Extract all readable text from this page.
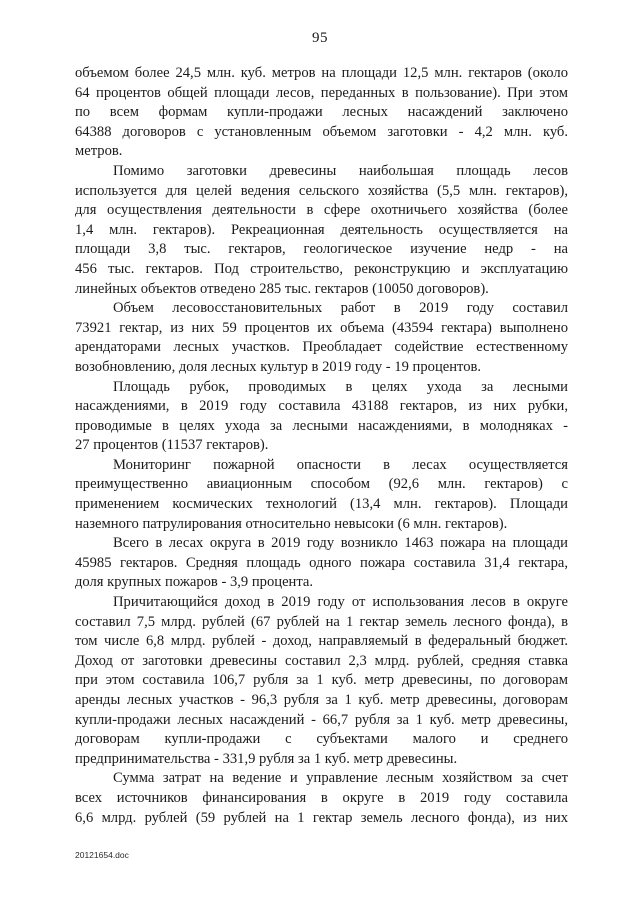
95
объемом более 24,5 млн. куб. метров на площади 12,5 млн. гектаров (около
64 процентов общей площади лесов, переданных в пользование). При этом
по всем формам купли-продажи лесных насаждений заключено
64388 договоров с установленным объемом заготовки - 4,2 млн. куб.
метров.
Помимо заготовки древесины наибольшая площадь лесов
используется для целей ведения сельского хозяйства (5,5 млн. гектаров),
для осуществления деятельности в сфере охотничьего хозяйства (более
1,4 млн. гектаров). Рекреационная деятельность осуществляется на
площади 3,8 тыс. гектаров, геологическое изучение недр - на
456 тыс. гектаров. Под строительство, реконструкцию и эксплуатацию
линейных объектов отведено 285 тыс. гектаров (10050 договоров).
Объем лесовосстановительных работ в 2019 году составил
73921 гектар, из них 59 процентов их объема (43594 гектара) выполнено
арендаторами лесных участков. Преобладает содействие естественному
возобновлению, доля лесных культур в 2019 году - 19 процентов.
Площадь рубок, проводимых в целях ухода за лесными
насаждениями, в 2019 году составила 43188 гектаров, из них рубки,
проводимые в целях ухода за лесными насаждениями, в молодняках -
27 процентов (11537 гектаров).
Мониторинг пожарной опасности в лесах осуществляется
преимущественно авиационным способом (92,6 млн. гектаров) с
применением космических технологий (13,4 млн. гектаров). Площади
наземного патрулирования относительно невысоки (6 млн. гектаров).
Всего в лесах округа в 2019 году возникло 1463 пожара на площади
45985 гектаров. Средняя площадь одного пожара составила 31,4 гектара,
доля крупных пожаров - 3,9 процента.
Причитающийся доход в 2019 году от использования лесов в округе
составил 7,5 млрд. рублей (67 рублей на 1 гектар земель лесного фонда), в
том числе 6,8 млрд. рублей - доход, направляемый в федеральный бюджет.
Доход от заготовки древесины составил 2,3 млрд. рублей, средняя ставка
при этом составила 106,7 рубля за 1 куб. метр древесины, по договорам
аренды лесных участков - 96,3 рубля за 1 куб. метр древесины, договорам
купли-продажи лесных насаждений - 66,7 рубля за 1 куб. метр древесины,
договорам купли-продажи с субъектами малого и среднего
предпринимательства - 331,9 рубля за 1 куб. метр древесины.
Сумма затрат на ведение и управление лесным хозяйством за счет
всех источников финансирования в округе в 2019 году составила
6,6 млрд. рублей (59 рублей на 1 гектар земель лесного фонда), из них
20121654.doc
